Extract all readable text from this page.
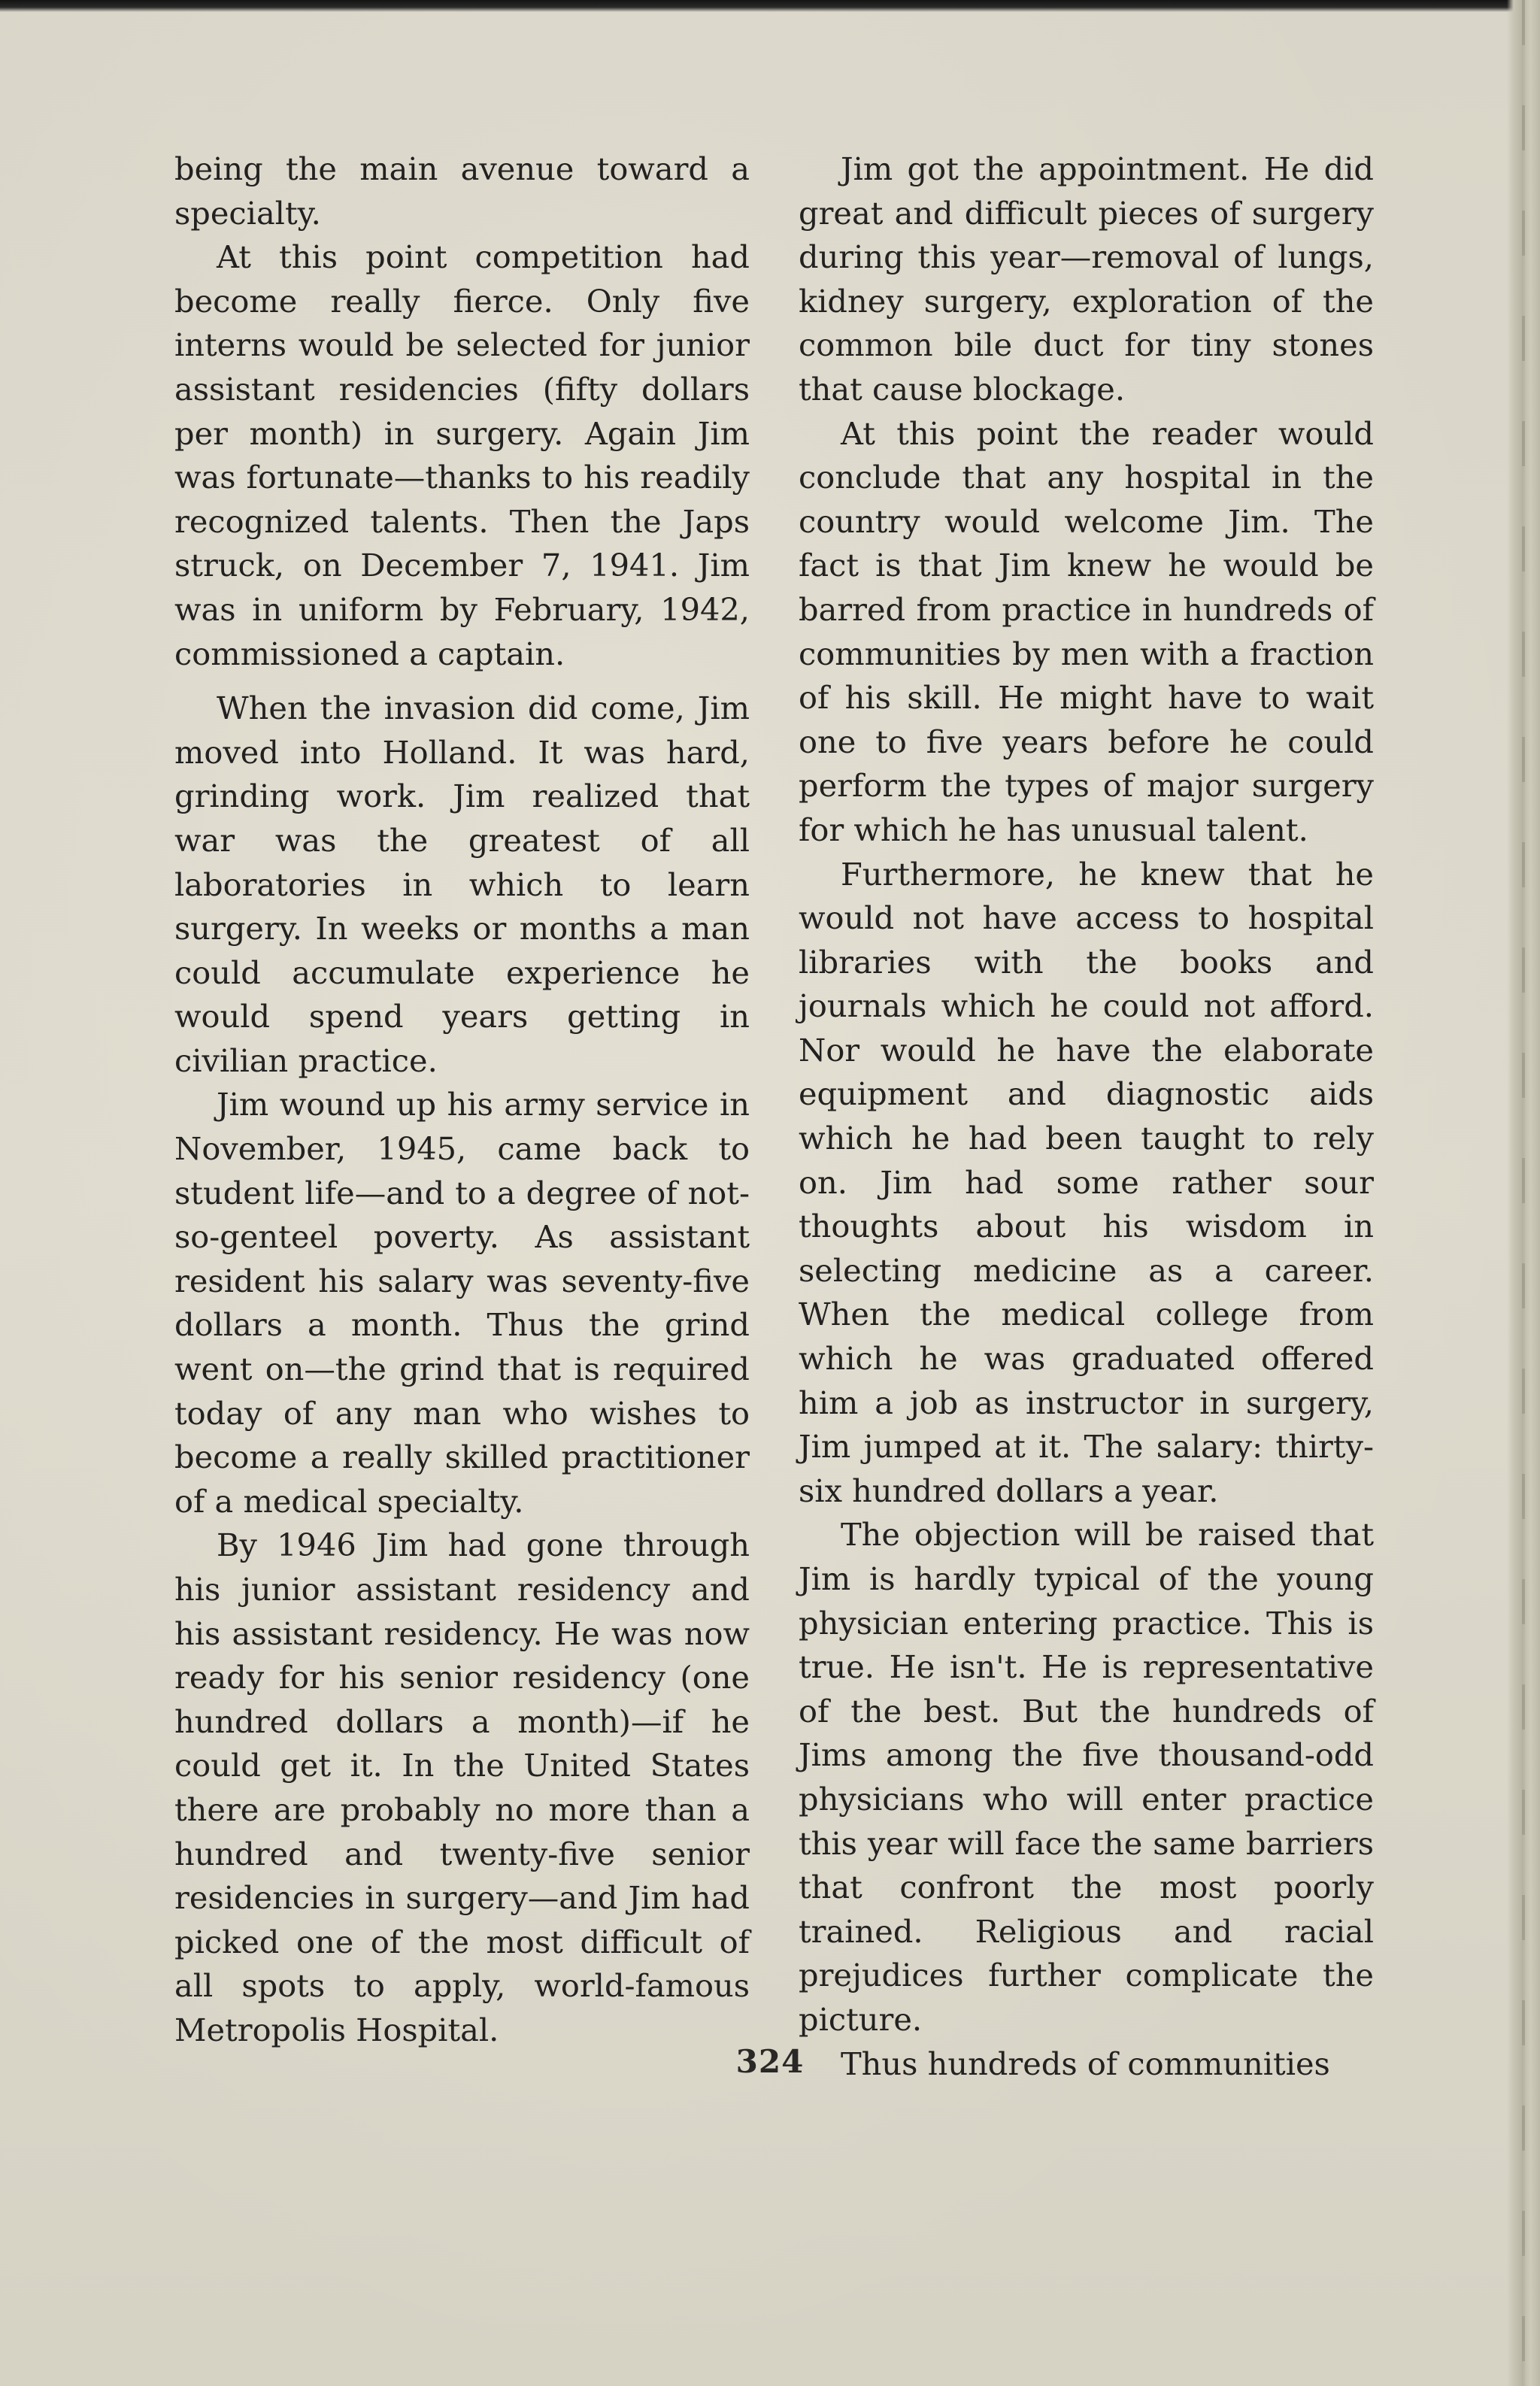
being the main avenue toward a specialty.

At this point competition had become really fierce. Only five interns would be selected for junior assistant residencies (fifty dollars per month) in surgery. Again Jim was fortunate—thanks to his readily recognized talents. Then the Japs struck, on December 7, 1941. Jim was in uniform by February, 1942, commissioned a captain.

When the invasion did come, Jim moved into Holland. It was hard, grinding work. Jim realized that war was the greatest of all laboratories in which to learn surgery. In weeks or months a man could accumulate experience he would spend years getting in civilian practice.

Jim wound up his army service in November, 1945, came back to student life—and to a degree of not-so-genteel poverty. As assistant resident his salary was seventy-five dollars a month. Thus the grind went on—the grind that is required today of any man who wishes to become a really skilled practitioner of a medical specialty.

By 1946 Jim had gone through his junior assistant residency and his assistant residency. He was now ready for his senior residency (one hundred dollars a month)—if he could get it. In the United States there are probably no more than a hundred and twenty-five senior residencies in surgery—and Jim had picked one of the most difficult of all spots to apply, world-famous Metropolis Hospital.

Jim got the appointment. He did great and difficult pieces of surgery during this year—removal of lungs, kidney surgery, exploration of the common bile duct for tiny stones that cause blockage.

At this point the reader would conclude that any hospital in the country would welcome Jim. The fact is that Jim knew he would be barred from practice in hundreds of communities by men with a fraction of his skill. He might have to wait one to five years before he could perform the types of major surgery for which he has unusual talent.

Furthermore, he knew that he would not have access to hospital libraries with the books and journals which he could not afford. Nor would he have the elaborate equipment and diagnostic aids which he had been taught to rely on. Jim had some rather sour thoughts about his wisdom in selecting medicine as a career. When the medical college from which he was graduated offered him a job as instructor in surgery, Jim jumped at it. The salary: thirty-six hundred dollars a year.

The objection will be raised that Jim is hardly typical of the young physician entering practice. This is true. He isn't. He is representative of the best. But the hundreds of Jims among the five thousand-odd physicians who will enter practice this year will face the same barriers that confront the most poorly trained. Religious and racial prejudices further complicate the picture.

Thus hundreds of communities

324
